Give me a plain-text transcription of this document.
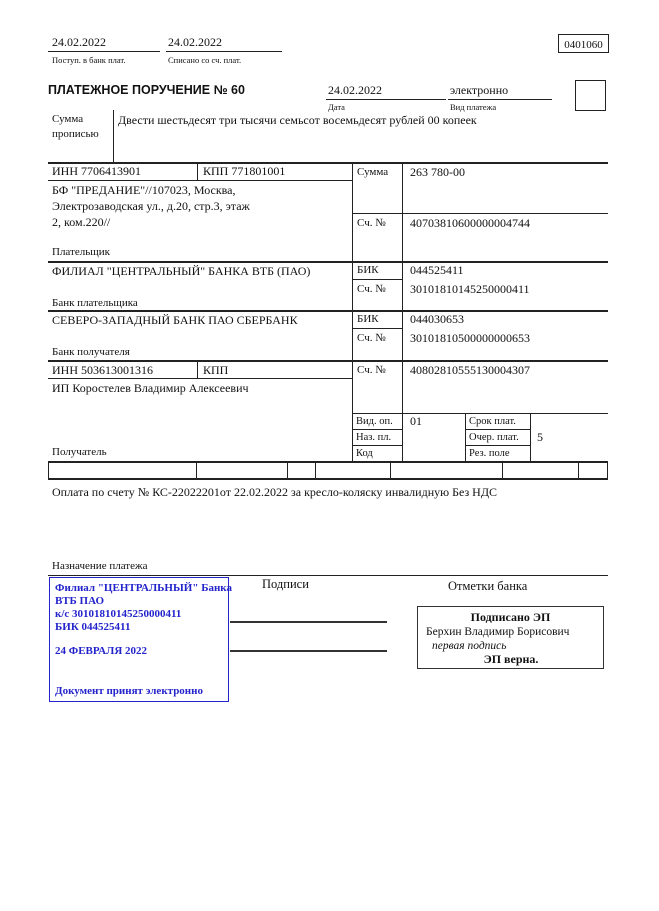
24.02.2022
Поступ. в банк плат.
24.02.2022
Списано со сч. плат.
0401060
ПЛАТЕЖНОЕ ПОРУЧЕНИЕ № 60	24.02.2022
Дата
электронно
Вид платежа
Сумма
прописью
Двести шестьдесят три тысячи семьсот восемьдесят рублей 00 копеек
ИНН 7706413901	КПП 771801001
БФ "ПРЕДАНИЕ"//107023, Москва,
Электрозаводская ул., д.20, стр.3, этаж
2, ком.220//
Плательщик
Сумма 263 780-00
Сч. № 40703810600000004744
ФИЛИАЛ "ЦЕНТРАЛЬНЫЙ" БАНКА ВТБ (ПАО)
Банк плательщика
БИК	044525411
Сч. № 30101810145250000411
СЕВЕРО-ЗАПАДНЫЙ БАНК ПАО СБЕРБАНК
Банк получателя
БИК	044030653
Сч. № 30101810500000000653
ИНН 503613001316	КПП
ИП Коростелев Владимир Алексеевич
Получатель
Сч. № 40802810555130004307
Вид. оп. 01	Срок плат.
Наз. пл.	Очер. плат. 5
Код	Рез. поле
Оплата по счету № КС-22022201от 22.02.2022 за кресло-коляску инвалидную Без НДС
Назначение платежа
Подписи	Отметки банка
Филиал "ЦЕНТРАЛЬНЫЙ" Банка
ВТБ ПАО
к/с 30101810145250000411
БИК 044525411
24 ФЕВРАЛЯ 2022
Документ принят электронно
Подписано ЭП
Берхин Владимир Борисович
первая подпись
ЭП верна.
